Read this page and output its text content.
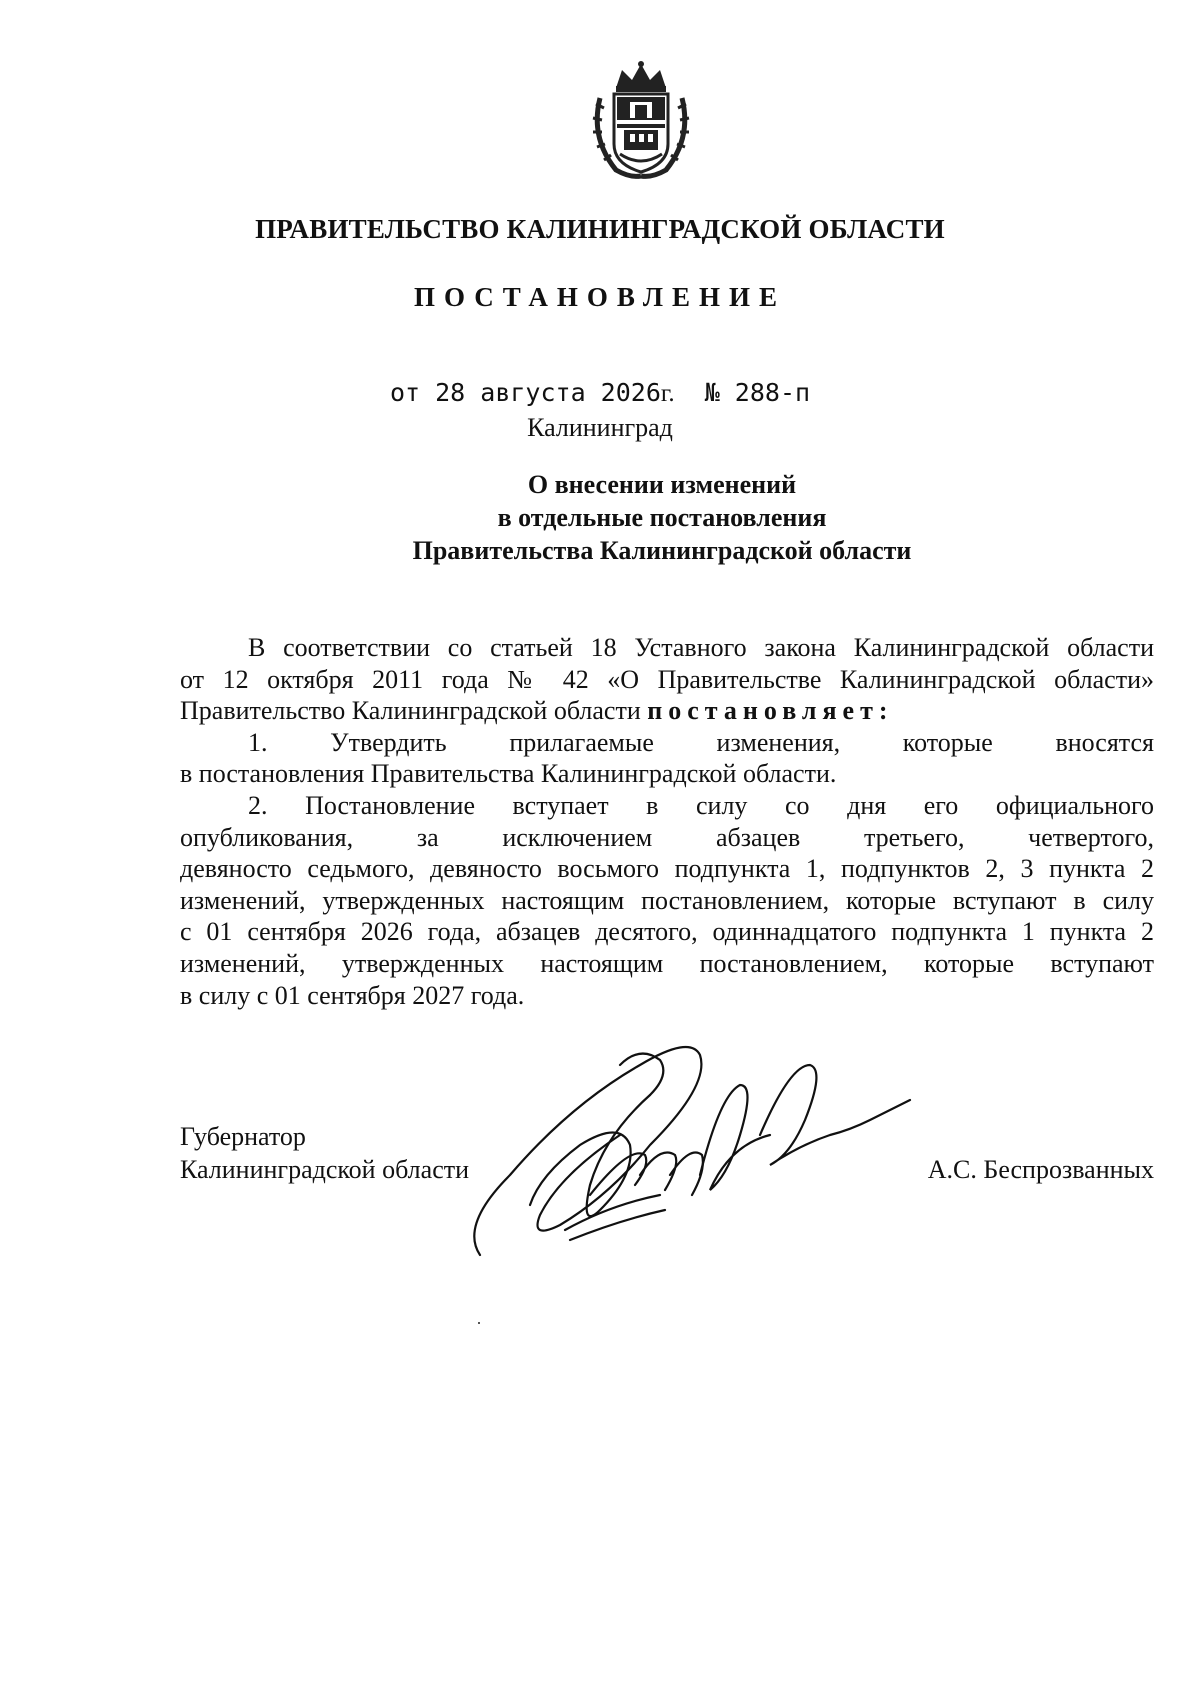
ПРАВИТЕЛЬСТВО КАЛИНИНГРАДСКОЙ ОБЛАСТИ
ПОСТАНОВЛЕНИЕ
от 28 августа 2026г. № 288-п
Калининград
О внесении изменений
в отдельные постановления
Правительства Калининградской области
В соответствии со статьей 18 Уставного закона Калининградской области
от 12 октября 2011 года № 42 «О Правительстве Калининградской области»
Правительство Калининградской области постановляет:
1. Утвердить прилагаемые изменения, которые вносятся
в постановления Правительства Калининградской области.
2. Постановление вступает в силу со дня его официального
опубликования, за исключением абзацев третьего, четвертого,
девяносто седьмого, девяносто восьмого подпункта 1, подпунктов 2, 3 пункта 2
изменений, утвержденных настоящим постановлением, которые вступают в силу
с 01 сентября 2026 года, абзацев десятого, одиннадцатого подпункта 1 пункта 2
изменений, утвержденных настоящим постановлением, которые вступают
в силу с 01 сентября 2027 года.
Губернатор
Калининградской области	А.С. Беспрозванных
